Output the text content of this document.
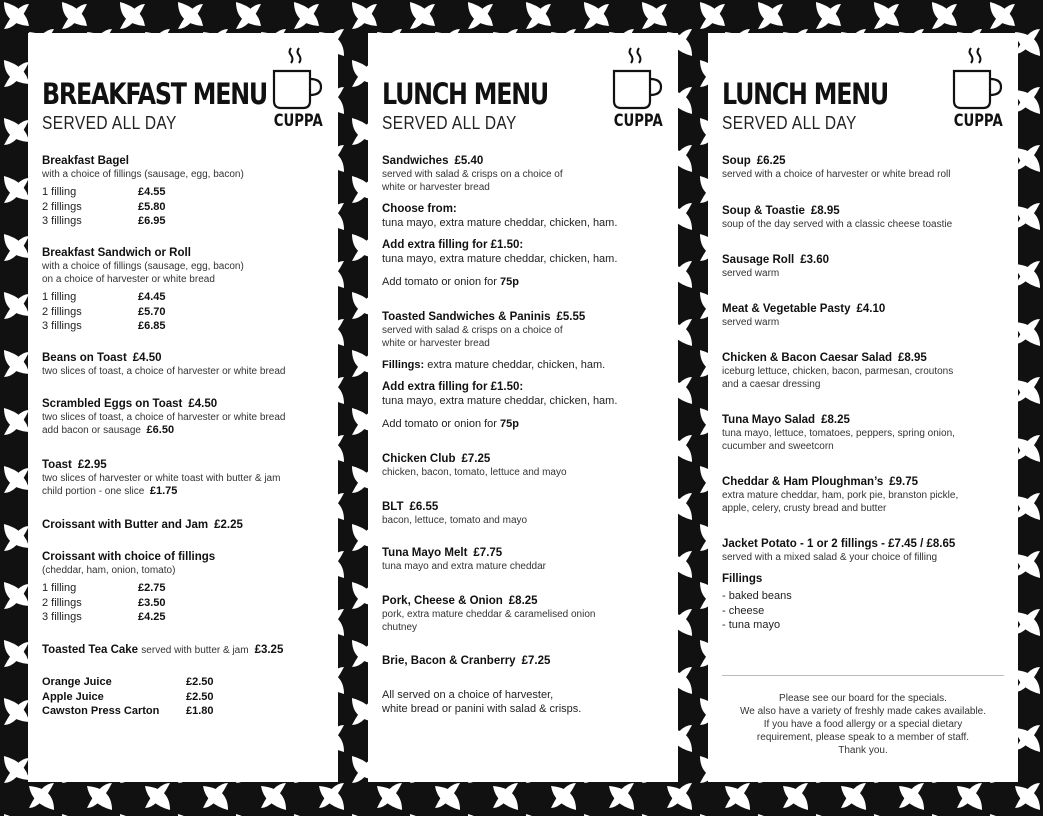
BREAKFAST MENU
SERVED ALL DAY	CUPPA
Breakfast Bagel
with a choice of fillings (sausage, egg, bacon)
1 filling	£4.55
2 fillings	£5.80
3 fillings	£6.95
Breakfast Sandwich or Roll
with a choice of fillings (sausage, egg, bacon)
on a choice of harvester or white bread
1 filling	£4.45
2 fillings	£5.70
3 fillings	£6.85
Beans on Toast £4.50
two slices of toast, a choice of harvester or white bread
Scrambled Eggs on Toast £4.50
two slices of toast, a choice of harvester or white bread
add bacon or sausage £6.50
Toast £2.95
two slices of harvester or white toast with butter & jam
child portion - one slice £1.75
Croissant with Butter and Jam £2.25
Croissant with choice of fillings
(cheddar, ham, onion, tomato)
1 filling	£2.75
2 fillings	£3.50
3 fillings	£4.25
Toasted Tea Cake served with butter & jam £3.25
Orange Juice	£2.50
Apple Juice	£2.50
Cawston Press Carton £1.80
LUNCH MENU
SERVED ALL DAY	CUPPA
Sandwiches £5.40
served with salad & crisps on a choice of
white or harvester bread
Choose from:
tuna mayo, extra mature cheddar, chicken, ham.
Add extra filling for £1.50:
tuna mayo, extra mature cheddar, chicken, ham.
Add tomato or onion for 75p
Toasted Sandwiches & Paninis £5.55
served with salad & crisps on a choice of
white or harvester bread
Fillings: extra mature cheddar, chicken, ham.
Add extra filling for £1.50:
tuna mayo, extra mature cheddar, chicken, ham.
Add tomato or onion for 75p
Chicken Club £7.25
chicken, bacon, tomato, lettuce and mayo
BLT £6.55
bacon, lettuce, tomato and mayo
Tuna Mayo Melt £7.75
tuna mayo and extra mature cheddar
Pork, Cheese & Onion £8.25
pork, extra mature cheddar & caramelised onion
chutney
Brie, Bacon & Cranberry £7.25
All served on a choice of harvester,
white bread or panini with salad & crisps.
LUNCH MENU
SERVED ALL DAY	CUPPA
Soup £6.25
served with a choice of harvester or white bread roll
Soup & Toastie £8.95
soup of the day served with a classic cheese toastie
Sausage Roll £3.60
served warm
Meat & Vegetable Pasty £4.10
served warm
Chicken & Bacon Caesar Salad £8.95
iceburg lettuce, chicken, bacon, parmesan, croutons
and a caesar dressing
Tuna Mayo Salad £8.25
tuna mayo, lettuce, tomatoes, peppers, spring onion,
cucumber and sweetcorn
Cheddar & Ham Ploughman’s £9.75
extra mature cheddar, ham, pork pie, branston pickle,
apple, celery, crusty bread and butter
Jacket Potato - 1 or 2 fillings - £7.45 / £8.65
served with a mixed salad & your choice of filling
Fillings
- baked beans
- cheese
- tuna mayo
Please see our board for the specials.
We also have a variety of freshly made cakes available.
If you have a food allergy or a special dietary
requirement, please speak to a member of staff.
Thank you.
